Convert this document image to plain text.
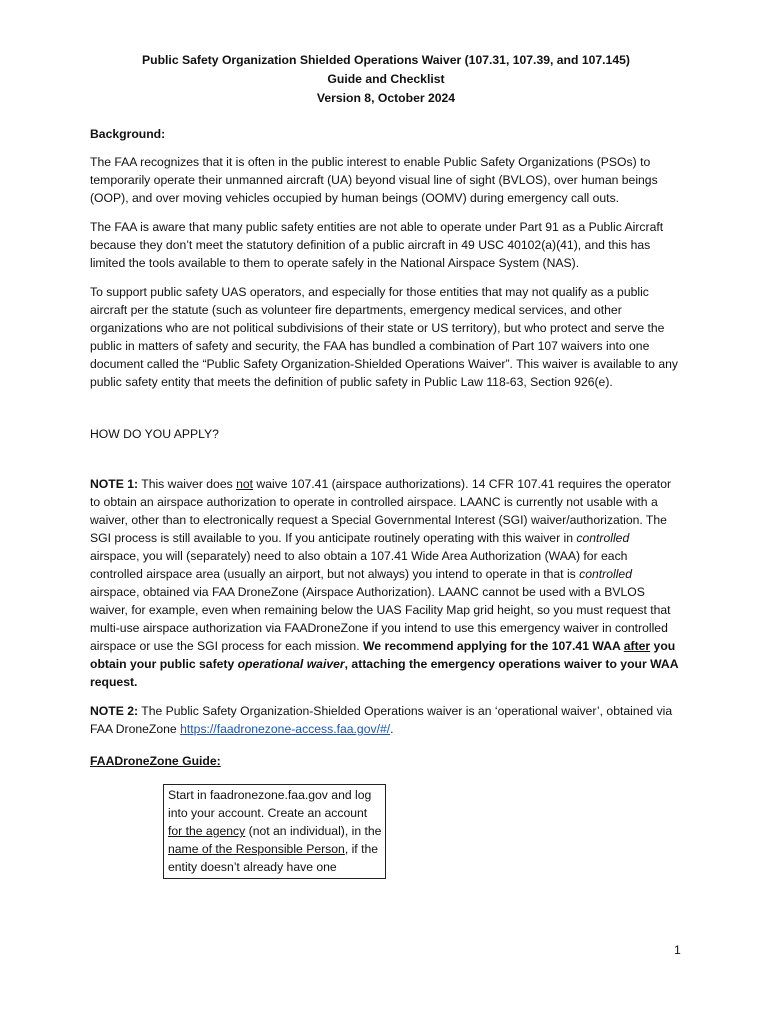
Public Safety Organization Shielded Operations Waiver (107.31, 107.39, and 107.145)
Guide and Checklist
Version 8, October 2024
Background:

The FAA recognizes that it is often in the public interest to enable Public Safety Organizations (PSOs) to temporarily operate their unmanned aircraft (UA) beyond visual line of sight (BVLOS), over human beings (OOP), and over moving vehicles occupied by human beings (OOMV) during emergency call outs.

The FAA is aware that many public safety entities are not able to operate under Part 91 as a Public Aircraft because they don’t meet the statutory definition of a public aircraft in 49 USC 40102(a)(41), and this has limited the tools available to them to operate safely in the National Airspace System (NAS).

To support public safety UAS operators, and especially for those entities that may not qualify as a public aircraft per the statute (such as volunteer fire departments, emergency medical services, and other organizations who are not political subdivisions of their state or US territory), but who protect and serve the public in matters of safety and security, the FAA has bundled a combination of Part 107 waivers into one document called the “Public Safety Organization-Shielded Operations Waiver”. This waiver is available to any public safety entity that meets the definition of public safety in Public Law 118-63, Section 926(e).

HOW DO YOU APPLY?

NOTE 1: This waiver does not waive 107.41 (airspace authorizations). 14 CFR 107.41 requires the operator to obtain an airspace authorization to operate in controlled airspace. LAANC is currently not usable with a waiver, other than to electronically request a Special Governmental Interest (SGI) waiver/authorization. The SGI process is still available to you. If you anticipate routinely operating with this waiver in controlled airspace, you will (separately) need to also obtain a 107.41 Wide Area Authorization (WAA) for each controlled airspace area (usually an airport, but not always) you intend to operate in that is controlled airspace, obtained via FAA DroneZone (Airspace Authorization). LAANC cannot be used with a BVLOS waiver, for example, even when remaining below the UAS Facility Map grid height, so you must request that multi-use airspace authorization via FAADroneZone if you intend to use this emergency waiver in controlled airspace or use the SGI process for each mission. We recommend applying for the 107.41 WAA after you obtain your public safety operational waiver, attaching the emergency operations waiver to your WAA request.

NOTE 2: The Public Safety Organization-Shielded Operations waiver is an ‘operational waiver’, obtained via FAA DroneZone https://faadronezone-access.faa.gov/#/.

FAADroneZone Guide:
Start in faadronezone.faa.gov and log into your account. Create an account for the agency (not an individual), in the name of the Responsible Person, if the entity doesn’t already have one
1
